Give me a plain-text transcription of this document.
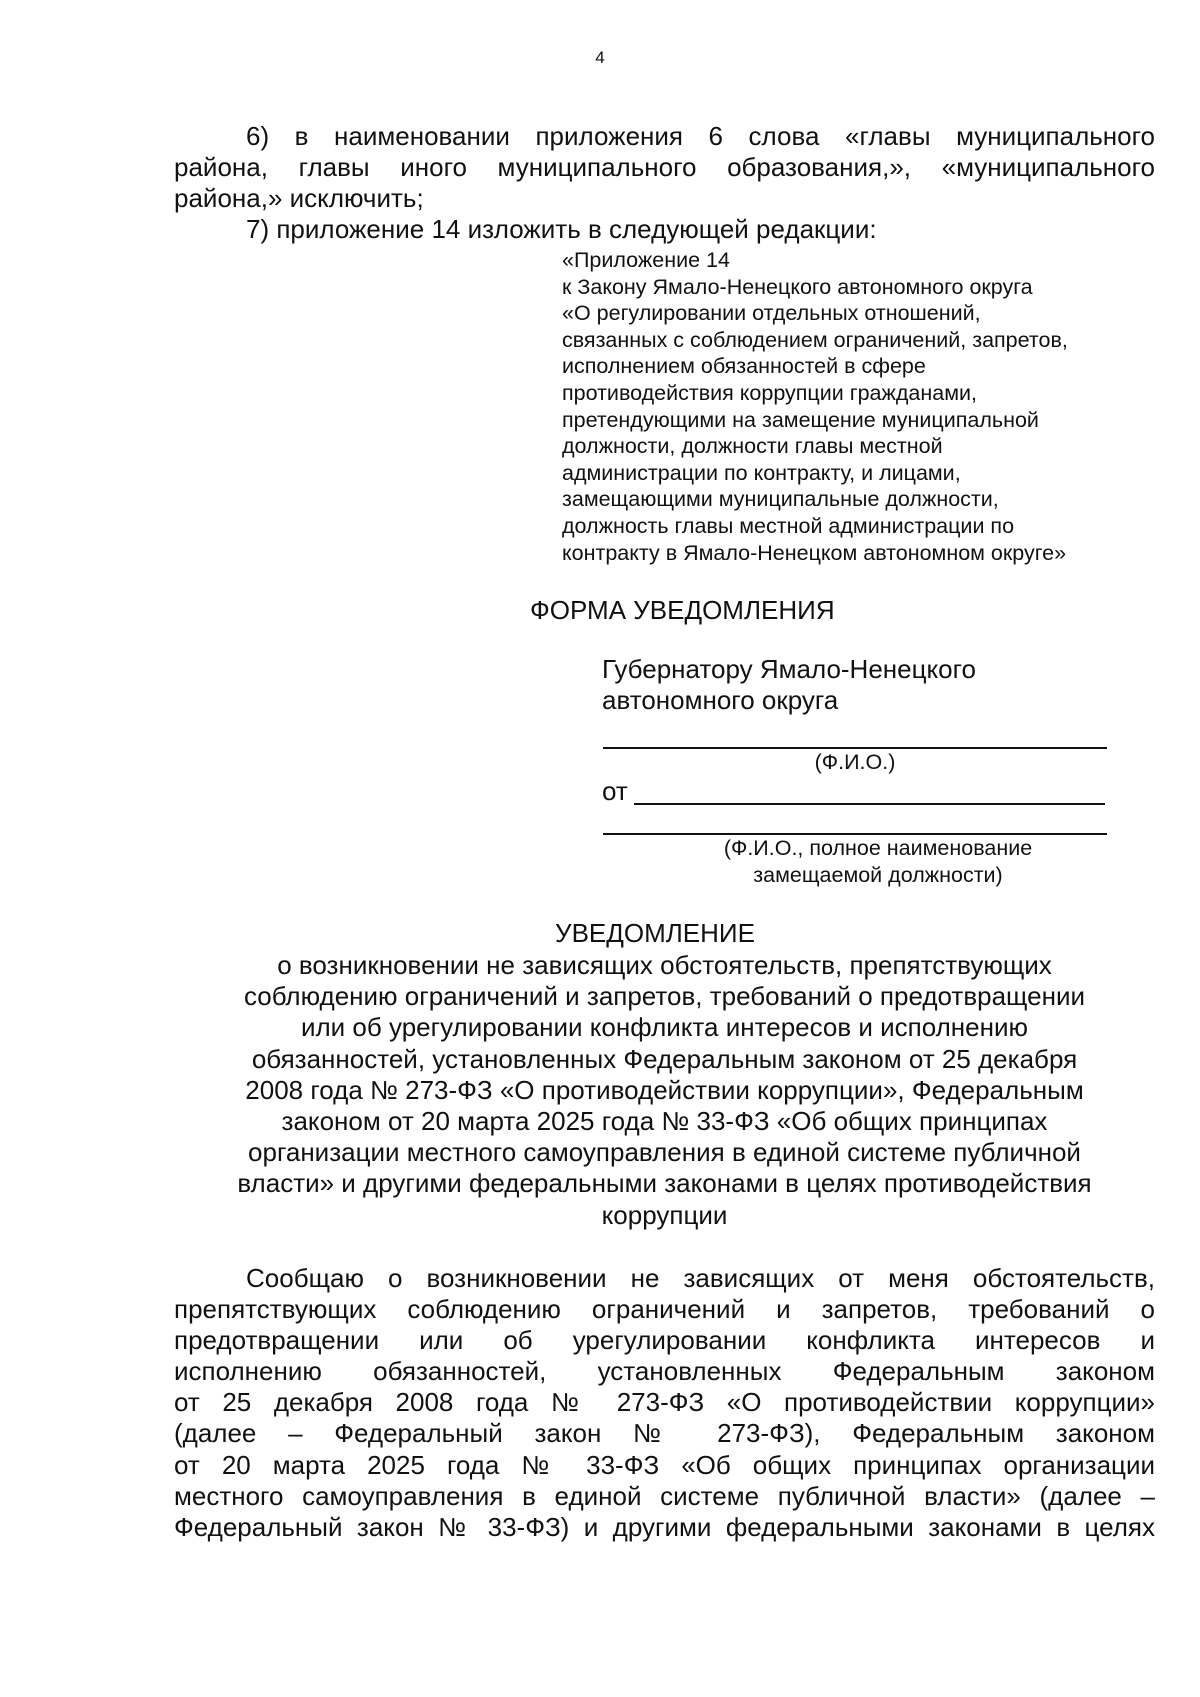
4
6) в наименовании приложения 6 слова «главы муниципального
района, главы иного муниципального образования,», «муниципального
района,» исключить;
7) приложение 14 изложить в следующей редакции:
«Приложение 14
к Закону Ямало-Ненецкого автономного округа
«О регулировании отдельных отношений,
связанных с соблюдением ограничений, запретов,
исполнением обязанностей в сфере
противодействия коррупции гражданами,
претендующими на замещение муниципальной
должности, должности главы местной
администрации по контракту, и лицами,
замещающими муниципальные должности,
должность главы местной администрации по
контракту в Ямало-Ненецком автономном округе»
ФОРМА УВЕДОМЛЕНИЯ
Губернатору Ямало-Ненецкого
автономного округа
(Ф.И.О.)
от
(Ф.И.О., полное наименование
замещаемой должности)
УВЕДОМЛЕНИЕ
о возникновении не зависящих обстоятельств, препятствующих
соблюдению ограничений и запретов, требований о предотвращении
или об урегулировании конфликта интересов и исполнению
обязанностей, установленных Федеральным законом от 25 декабря
2008 года № 273-ФЗ «О противодействии коррупции», Федеральным
законом от 20 марта 2025 года № 33-ФЗ «Об общих принципах
организации местного самоуправления в единой системе публичной
власти» и другими федеральными законами в целях противодействия
коррупции
Сообщаю о возникновении не зависящих от меня обстоятельств,
препятствующих соблюдению ограничений и запретов, требований о
предотвращении или об урегулировании конфликта интересов и
исполнению обязанностей, установленных Федеральным законом
от 25 декабря 2008 года № 273-ФЗ «О противодействии коррупции»
(далее – Федеральный закон № 273-ФЗ), Федеральным законом
от 20 марта 2025 года № 33-ФЗ «Об общих принципах организации
местного самоуправления в единой системе публичной власти» (далее –
Федеральный закон № 33-ФЗ) и другими федеральными законами в целях
